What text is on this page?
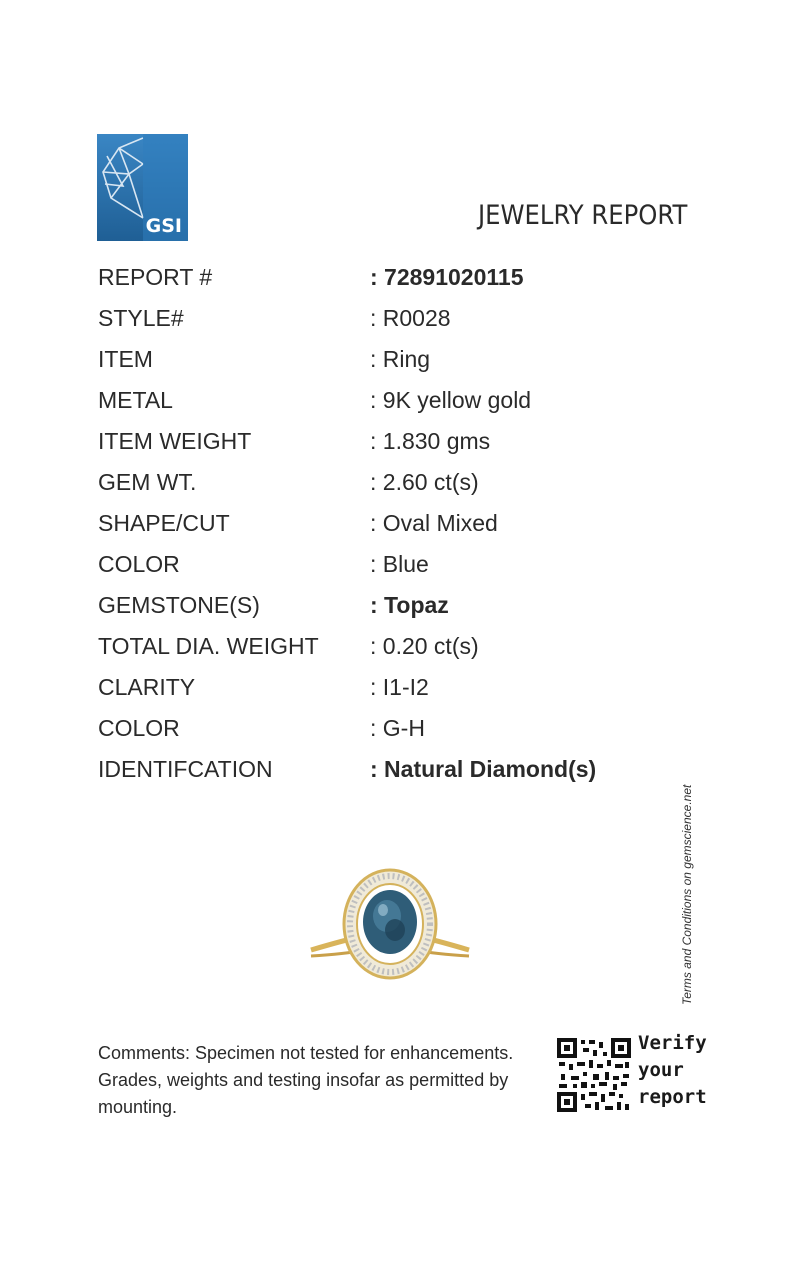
GSI	JEWELRY REPORT
REPORT #	: 72891020115
STYLE#	: R0028
ITEM	: Ring
METAL	: 9K yellow gold
ITEM WEIGHT	: 1.830 gms
GEM WT.	: 2.60 ct(s)
SHAPE/CUT	: Oval Mixed
COLOR	: Blue
GEMSTONE(S)	: Topaz
TOTAL DIA. WEIGHT : 0.20 ct(s)
CLARITY	: I1-I2
COLOR	: G-H
IDENTIFCATION	: Natural Diamond(s)
Terms and Conditions on gemscience.net
Comments: Specimen not tested for enhancements.
Grades, weights and testing insofar as permitted by
mounting.
Verify
your
report
